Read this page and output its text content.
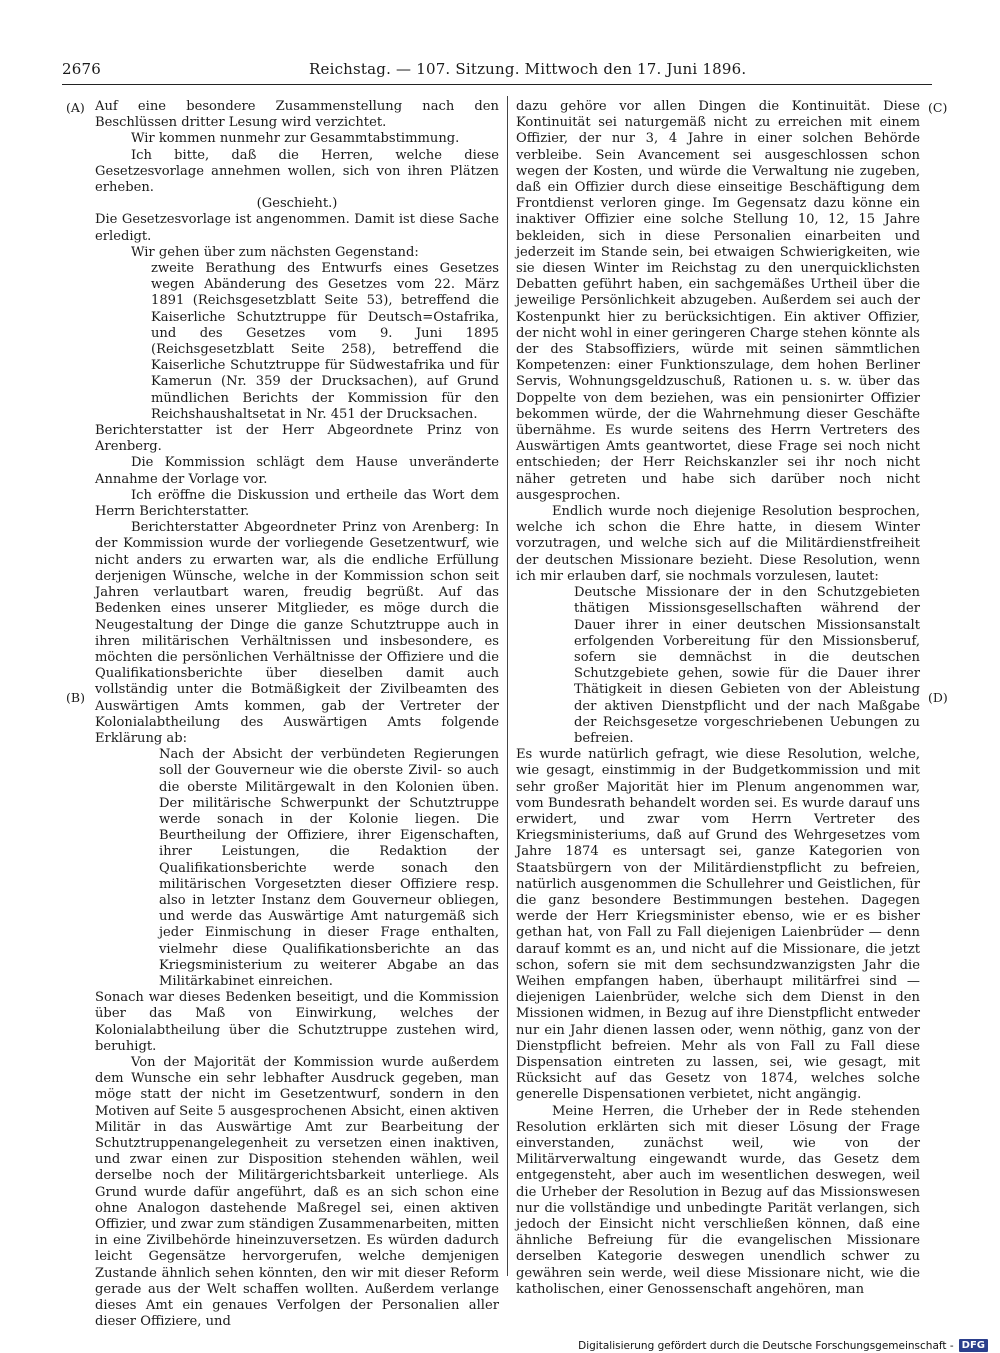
2676	Reichstag. — 107. Sitzung. Mittwoch den 17. Juni 1896.
(A)
(B)
(C)
(D)

Auf eine besondere Zusammenstellung nach den Beschlüssen dritter Lesung wird verzichtet.

Wir kommen nunmehr zur Gesammtabstimmung.

Ich bitte, daß die Herren, welche diese Gesetzesvorlage annehmen wollen, sich von ihren Plätzen erheben.

(Geschieht.)

Die Gesetzesvorlage ist angenommen. Damit ist diese Sache erledigt.

Wir gehen über zum nächsten Gegenstand:

zweite Berathung des Entwurfs eines Gesetzes wegen Abänderung des Gesetzes vom 22. März 1891 (Reichsgesetzblatt Seite 53), betreffend die Kaiserliche Schutztruppe für Deutsch=Ostafrika, und des Gesetzes vom 9. Juni 1895 (Reichsgesetzblatt Seite 258), betreffend die Kaiserliche Schutztruppe für Südwestafrika und für Kamerun (Nr. 359 der Drucksachen), auf Grund mündlichen Berichts der Kommission für den Reichshaushaltsetat in Nr. 451 der Drucksachen.

Berichterstatter ist der Herr Abgeordnete Prinz von Arenberg.

Die Kommission schlägt dem Hause unveränderte Annahme der Vorlage vor.

Ich eröffne die Diskussion und ertheile das Wort dem Herrn Berichterstatter.

Berichterstatter Abgeordneter Prinz von Arenberg: In der Kommission wurde der vorliegende Gesetzentwurf, wie nicht anders zu erwarten war, als die endliche Erfüllung derjenigen Wünsche, welche in der Kommission schon seit Jahren verlautbart waren, freudig begrüßt. Auf das Bedenken eines unserer Mitglieder, es möge durch die Neugestaltung der Dinge die ganze Schutztruppe auch in ihren militärischen Verhältnissen und insbesondere, es möchten die persönlichen Verhältnisse der Offiziere und die Qualifikationsberichte über dieselben damit auch vollständig unter die Botmäßigkeit der Zivilbeamten des Auswärtigen Amts kommen, gab der Vertreter der Kolonialabtheilung des Auswärtigen Amts folgende Erklärung ab:

Nach der Absicht der verbündeten Regierungen soll der Gouverneur wie die oberste Zivil- so auch die oberste Militärgewalt in den Kolonien üben. Der militärische Schwerpunkt der Schutztruppe werde sonach in der Kolonie liegen. Die Beurtheilung der Offiziere, ihrer Eigenschaften, ihrer Leistungen, die Redaktion der Qualifikationsberichte werde sonach den militärischen Vorgesetzten dieser Offiziere resp. also in letzter Instanz dem Gouverneur obliegen, und werde das Auswärtige Amt naturgemäß sich jeder Einmischung in dieser Frage enthalten, vielmehr diese Qualifikationsberichte an das Kriegsministerium zu weiterer Abgabe an das Militärkabinet einreichen.

Sonach war dieses Bedenken beseitigt, und die Kommission über das Maß von Einwirkung, welches der Kolonialabtheilung über die Schutztruppe zustehen wird, beruhigt.

Von der Majorität der Kommission wurde außerdem dem Wunsche ein sehr lebhafter Ausdruck gegeben, man möge statt der nicht im Gesetzentwurf, sondern in den Motiven auf Seite 5 ausgesprochenen Absicht, einen aktiven Militär in das Auswärtige Amt zur Bearbeitung der Schutztruppenangelegenheit zu versetzen einen inaktiven, und zwar einen zur Disposition stehenden wählen, weil derselbe noch der Militärgerichtsbarkeit unterliege. Als Grund wurde dafür angeführt, daß es an sich schon eine ohne Analogon dastehende Maßregel sei, einen aktiven Offizier, und zwar zum ständigen Zusammenarbeiten, mitten in eine Zivilbehörde hineinzuversetzen. Es würden dadurch leicht Gegensätze hervorgerufen, welche demjenigen Zustande ähnlich sehen könnten, den wir mit dieser Reform gerade aus der Welt schaffen wollten. Außerdem verlange dieses Amt ein genaues Verfolgen der Personalien aller dieser Offiziere, und

dazu gehöre vor allen Dingen die Kontinuität. Diese Kontinuität sei naturgemäß nicht zu erreichen mit einem Offizier, der nur 3, 4 Jahre in einer solchen Behörde verbleibe. Sein Avancement sei ausgeschlossen schon wegen der Kosten, und würde die Verwaltung nie zugeben, daß ein Offizier durch diese einseitige Beschäftigung dem Frontdienst verloren ginge. Im Gegensatz dazu könne ein inaktiver Offizier eine solche Stellung 10, 12, 15 Jahre bekleiden, sich in diese Personalien einarbeiten und jederzeit im Stande sein, bei etwaigen Schwierigkeiten, wie sie diesen Winter im Reichstag zu den unerquicklichsten Debatten geführt haben, ein sachgemäßes Urtheil über die jeweilige Persönlichkeit abzugeben. Außerdem sei auch der Kostenpunkt hier zu berücksichtigen. Ein aktiver Offizier, der nicht wohl in einer geringeren Charge stehen könnte als der des Stabsoffiziers, würde mit seinen sämmtlichen Kompetenzen: einer Funktionszulage, dem hohen Berliner Servis, Wohnungsgeldzuschuß, Rationen u. s. w. über das Doppelte von dem beziehen, was ein pensionirter Offizier bekommen würde, der die Wahrnehmung dieser Geschäfte übernähme. Es wurde seitens des Herrn Vertreters des Auswärtigen Amts geantwortet, diese Frage sei noch nicht entschieden; der Herr Reichskanzler sei ihr noch nicht näher getreten und habe sich darüber noch nicht ausgesprochen.

Endlich wurde noch diejenige Resolution besprochen, welche ich schon die Ehre hatte, in diesem Winter vorzutragen, und welche sich auf die Militärdienstfreiheit der deutschen Missionare bezieht. Diese Resolution, wenn ich mir erlauben darf, sie nochmals vorzulesen, lautet:

Deutsche Missionare der in den Schutzgebieten thätigen Missionsgesellschaften während der Dauer ihrer in einer deutschen Missionsanstalt erfolgenden Vorbereitung für den Missionsberuf, sofern sie demnächst in die deutschen Schutzgebiete gehen, sowie für die Dauer ihrer Thätigkeit in diesen Gebieten von der Ableistung der aktiven Dienstpflicht und der nach Maßgabe der Reichsgesetze vorgeschriebenen Uebungen zu befreien.

Es wurde natürlich gefragt, wie diese Resolution, welche, wie gesagt, einstimmig in der Budgetkommission und mit sehr großer Majorität hier im Plenum angenommen war, vom Bundesrath behandelt worden sei. Es wurde darauf uns erwidert, und zwar vom Herrn Vertreter des Kriegsministeriums, daß auf Grund des Wehrgesetzes vom Jahre 1874 es untersagt sei, ganze Kategorien von Staatsbürgern von der Militärdienstpflicht zu befreien, natürlich ausgenommen die Schullehrer und Geistlichen, für die ganz besondere Bestimmungen bestehen. Dagegen werde der Herr Kriegsminister ebenso, wie er es bisher gethan hat, von Fall zu Fall diejenigen Laienbrüder — denn darauf kommt es an, und nicht auf die Missionare, die jetzt schon, sofern sie mit dem sechsundzwanzigsten Jahr die Weihen empfangen haben, überhaupt militärfrei sind — diejenigen Laienbrüder, welche sich dem Dienst in den Missionen widmen, in Bezug auf ihre Dienstpflicht entweder nur ein Jahr dienen lassen oder, wenn nöthig, ganz von der Dienstpflicht befreien. Mehr als von Fall zu Fall diese Dispensation eintreten zu lassen, sei, wie gesagt, mit Rücksicht auf das Gesetz von 1874, welches solche generelle Dispensationen verbietet, nicht angängig.

Meine Herren, die Urheber der in Rede stehenden Resolution erklärten sich mit dieser Lösung der Frage einverstanden, zunächst weil, wie von der Militärverwaltung eingewandt wurde, das Gesetz dem entgegensteht, aber auch im wesentlichen deswegen, weil die Urheber der Resolution in Bezug auf das Missionswesen nur die vollständige und unbedingte Parität verlangen, sich jedoch der Einsicht nicht verschließen können, daß eine ähnliche Befreiung für die evangelischen Missionare derselben Kategorie deswegen unendlich schwer zu gewähren sein werde, weil diese Missionare nicht, wie die katholischen, einer Genossenschaft angehören, man

Digitalisierung gefördert durch die Deutsche Forschungsgemeinschaft - DFG
